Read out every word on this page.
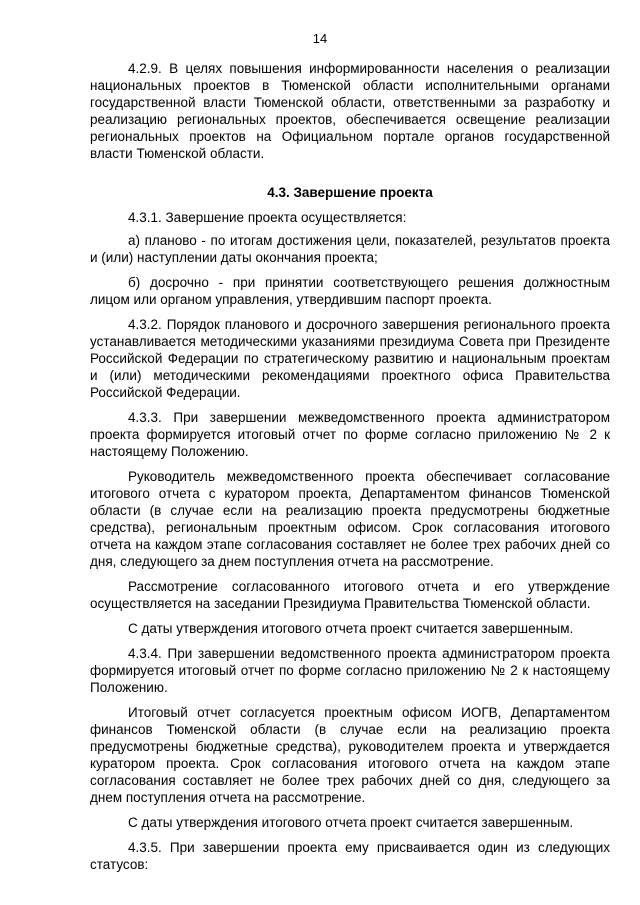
14

4.2.9. В целях повышения информированности населения о реализации национальных проектов в Тюменской области исполнительными органами государственной власти Тюменской области, ответственными за разработку и реализацию региональных проектов, обеспечивается освещение реализации региональных проектов на Официальном портале органов государственной власти Тюменской области.

4.3. Завершение проекта

4.3.1. Завершение проекта осуществляется:

а) планово - по итогам достижения цели, показателей, результатов проекта и (или) наступлении даты окончания проекта;

б) досрочно - при принятии соответствующего решения должностным лицом или органом управления, утвердившим паспорт проекта.

4.3.2. Порядок планового и досрочного завершения регионального проекта устанавливается методическими указаниями президиума Совета при Президенте Российской Федерации по стратегическому развитию и национальным проектам и (или) методическими рекомендациями проектного офиса Правительства Российской Федерации.

4.3.3. При завершении межведомственного проекта администратором проекта формируется итоговый отчет по форме согласно приложению № 2 к настоящему Положению.

Руководитель межведомственного проекта обеспечивает согласование итогового отчета с куратором проекта, Департаментом финансов Тюменской области (в случае если на реализацию проекта предусмотрены бюджетные средства), региональным проектным офисом. Срок согласования итогового отчета на каждом этапе согласования составляет не более трех рабочих дней со дня, следующего за днем поступления отчета на рассмотрение.

Рассмотрение согласованного итогового отчета и его утверждение осуществляется на заседании Президиума Правительства Тюменской области.

С даты утверждения итогового отчета проект считается завершенным.

4.3.4. При завершении ведомственного проекта администратором проекта формируется итоговый отчет по форме согласно приложению № 2 к настоящему Положению.

Итоговый отчет согласуется проектным офисом ИОГВ, Департаментом финансов Тюменской области (в случае если на реализацию проекта предусмотрены бюджетные средства), руководителем проекта и утверждается куратором проекта. Срок согласования итогового отчета на каждом этапе согласования составляет не более трех рабочих дней со дня, следующего за днем поступления отчета на рассмотрение.

С даты утверждения итогового отчета проект считается завершенным.

4.3.5. При завершении проекта ему присваивается один из следующих статусов:
